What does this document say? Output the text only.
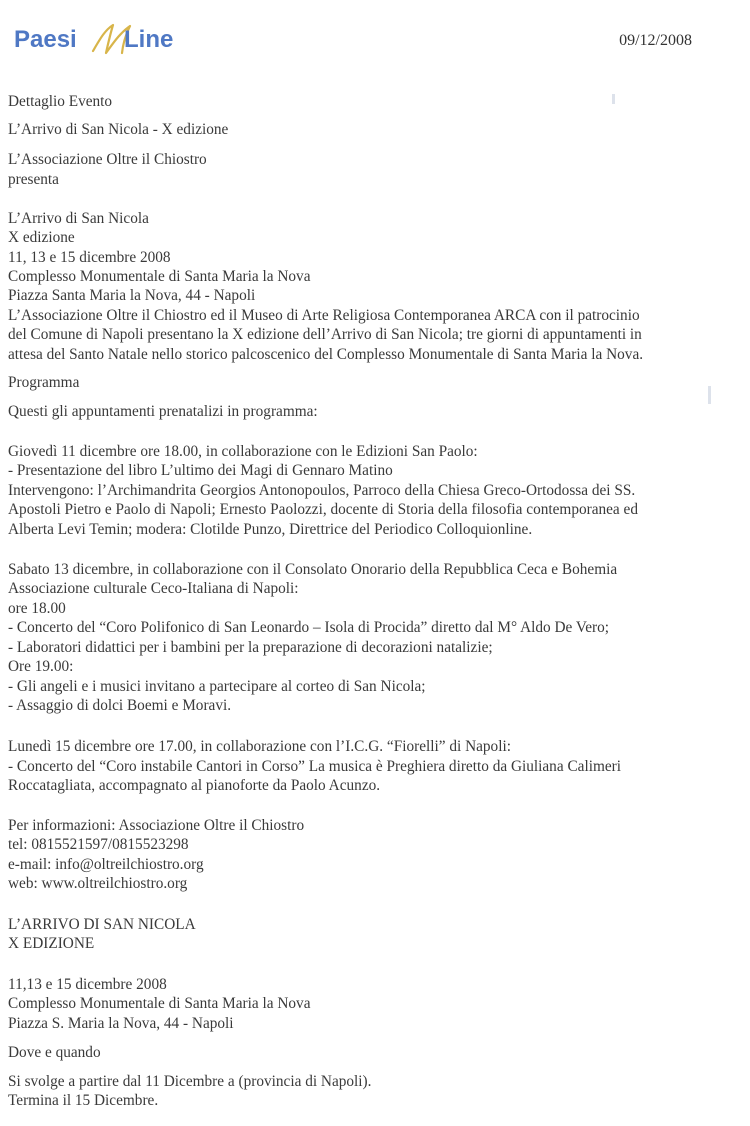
Paesi Line	09/12/2008
Dettaglio Evento
L’Arrivo di San Nicola - X edizione
L’Associazione Oltre il Chiostro
presenta
L’Arrivo di San Nicola
X edizione
11, 13 e 15 dicembre 2008
Complesso Monumentale di Santa Maria la Nova
Piazza Santa Maria la Nova, 44 - Napoli
L’Associazione Oltre il Chiostro ed il Museo di Arte Religiosa Contemporanea ARCA con il patrocinio
del Comune di Napoli presentano la X edizione dell’Arrivo di San Nicola; tre giorni di appuntamenti in
attesa del Santo Natale nello storico palcoscenico del Complesso Monumentale di Santa Maria la Nova.
Programma
Questi gli appuntamenti prenatalizi in programma:
Giovedì 11 dicembre ore 18.00, in collaborazione con le Edizioni San Paolo:
- Presentazione del libro L’ultimo dei Magi di Gennaro Matino
Intervengono: l’Archimandrita Georgios Antonopoulos, Parroco della Chiesa Greco-Ortodossa dei SS.
Apostoli Pietro e Paolo di Napoli; Ernesto Paolozzi, docente di Storia della filosofia contemporanea ed
Alberta Levi Temin; modera: Clotilde Punzo, Direttrice del Periodico Colloquionline.
Sabato 13 dicembre, in collaborazione con il Consolato Onorario della Repubblica Ceca e Bohemia
Associazione culturale Ceco-Italiana di Napoli:
ore 18.00
- Concerto del “Coro Polifonico di San Leonardo – Isola di Procida” diretto dal M° Aldo De Vero;
- Laboratori didattici per i bambini per la preparazione di decorazioni natalizie;
Ore 19.00:
- Gli angeli e i musici invitano a partecipare al corteo di San Nicola;
- Assaggio di dolci Boemi e Moravi.
Lunedì 15 dicembre ore 17.00, in collaborazione con l’I.C.G. “Fiorelli” di Napoli:
- Concerto del “Coro instabile Cantori in Corso” La musica è Preghiera diretto da Giuliana Calimeri
Roccatagliata, accompagnato al pianoforte da Paolo Acunzo.
Per informazioni: Associazione Oltre il Chiostro
tel: 0815521597/0815523298
e-mail: info@oltreilchiostro.org
web: www.oltreilchiostro.org
L’ARRIVO DI SAN NICOLA
X EDIZIONE
11,13 e 15 dicembre 2008
Complesso Monumentale di Santa Maria la Nova
Piazza S. Maria la Nova, 44 - Napoli
Dove e quando
Si svolge a partire dal 11 Dicembre a (provincia di Napoli).
Termina il 15 Dicembre.
